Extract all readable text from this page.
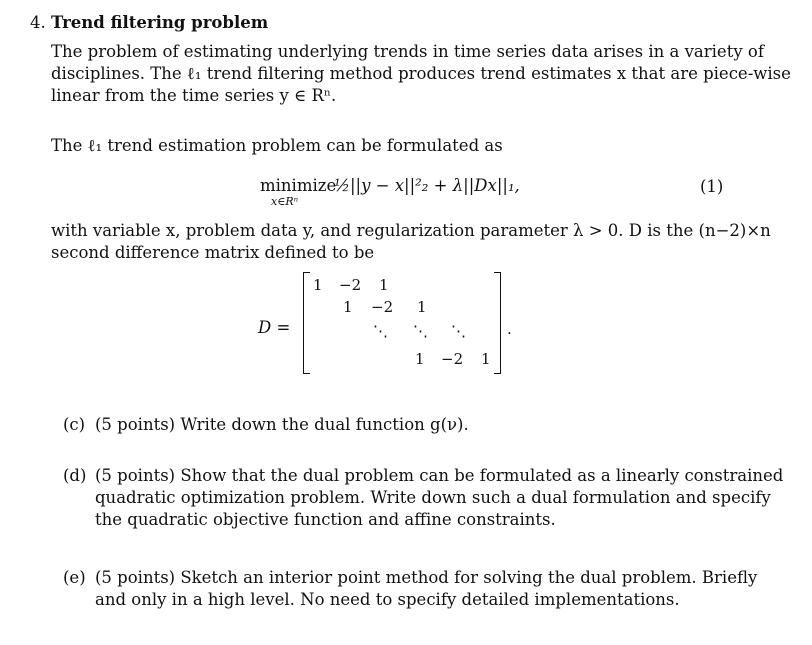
4. Trend filtering problem
The problem of estimating underlying trends in time series data arises in a variety of
disciplines. The ℓ₁ trend filtering method produces trend estimates x that are piece-wise
linear from the time series y ∈ Rⁿ.
The ℓ₁ trend estimation problem can be formulated as
minimize
x∈Rⁿ
½||y − x||²₂ + λ||Dx||₁,	(1)
with variable x, problem data y, and regularization parameter λ > 0. D is the (n−2)×n
second difference matrix defined to be
D =
1 −2 1
1 −2 1
⋱ ⋱ ⋱
1 −2 1
.
(c) (5 points) Write down the dual function g(ν).
(d) (5 points) Show that the dual problem can be formulated as a linearly constrained
quadratic optimization problem. Write down such a dual formulation and specify
the quadratic objective function and affine constraints.
(e) (5 points) Sketch an interior point method for solving the dual problem. Briefly
and only in a high level. No need to specify detailed implementations.
